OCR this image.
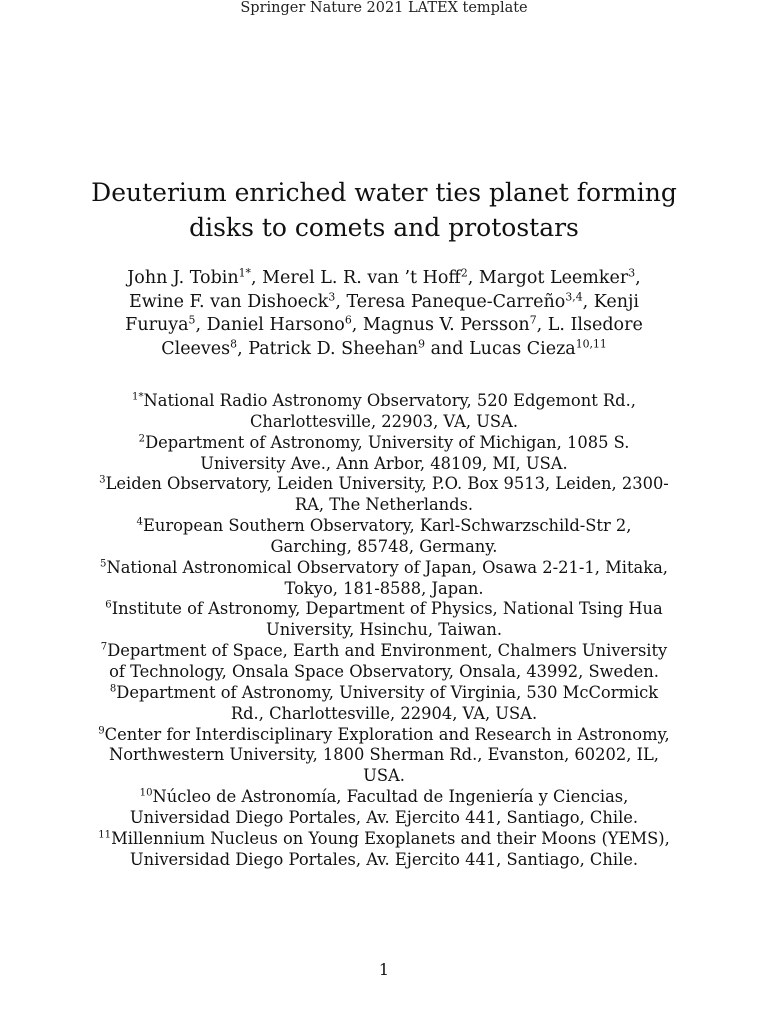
Springer Nature 2021 LATEX template
Deuterium enriched water ties planet forming disks to comets and protostars
John J. Tobin$^{1*}$, Merel L. R. van ’t Hoff$^2$, Margot Leemker$^3$, Ewine F. van Dishoeck$^3$, Teresa Paneque-Carreño$^{3,4}$, Kenji Furuya$^5$, Daniel Harsono$^6$, Magnus V. Persson$^7$, L. Ilsedore Cleeves$^8$, Patrick D. Sheehan$^9$ and Lucas Cieza$^{10,11}$
$^{1*}$National Radio Astronomy Observatory, 520 Edgemont Rd., Charlottesville, 22903, VA, USA.
$^2$Department of Astronomy, University of Michigan, 1085 S. University Ave., Ann Arbor, 48109, MI, USA.
$^3$Leiden Observatory, Leiden University, P.O. Box 9513, Leiden, 2300-RA, The Netherlands.
$^4$European Southern Observatory, Karl-Schwarzschild-Str 2, Garching, 85748, Germany.
$^5$National Astronomical Observatory of Japan, Osawa 2-21-1, Mitaka, Tokyo, 181-8588, Japan.
$^6$Institute of Astronomy, Department of Physics, National Tsing Hua University, Hsinchu, Taiwan.
$^7$Department of Space, Earth and Environment, Chalmers University of Technology, Onsala Space Observatory, Onsala, 43992, Sweden.
$^8$Department of Astronomy, University of Virginia, 530 McCormick Rd., Charlottesville, 22904, VA, USA.
$^9$Center for Interdisciplinary Exploration and Research in Astronomy, Northwestern University, 1800 Sherman Rd., Evanston, 60202, IL, USA.
$^{10}$Núcleo de Astronomía, Facultad de Ingeniería y Ciencias, Universidad Diego Portales, Av. Ejercito 441, Santiago, Chile.
$^{11}$Millennium Nucleus on Young Exoplanets and their Moons (YEMS), Universidad Diego Portales, Av. Ejercito 441, Santiago, Chile.
1
